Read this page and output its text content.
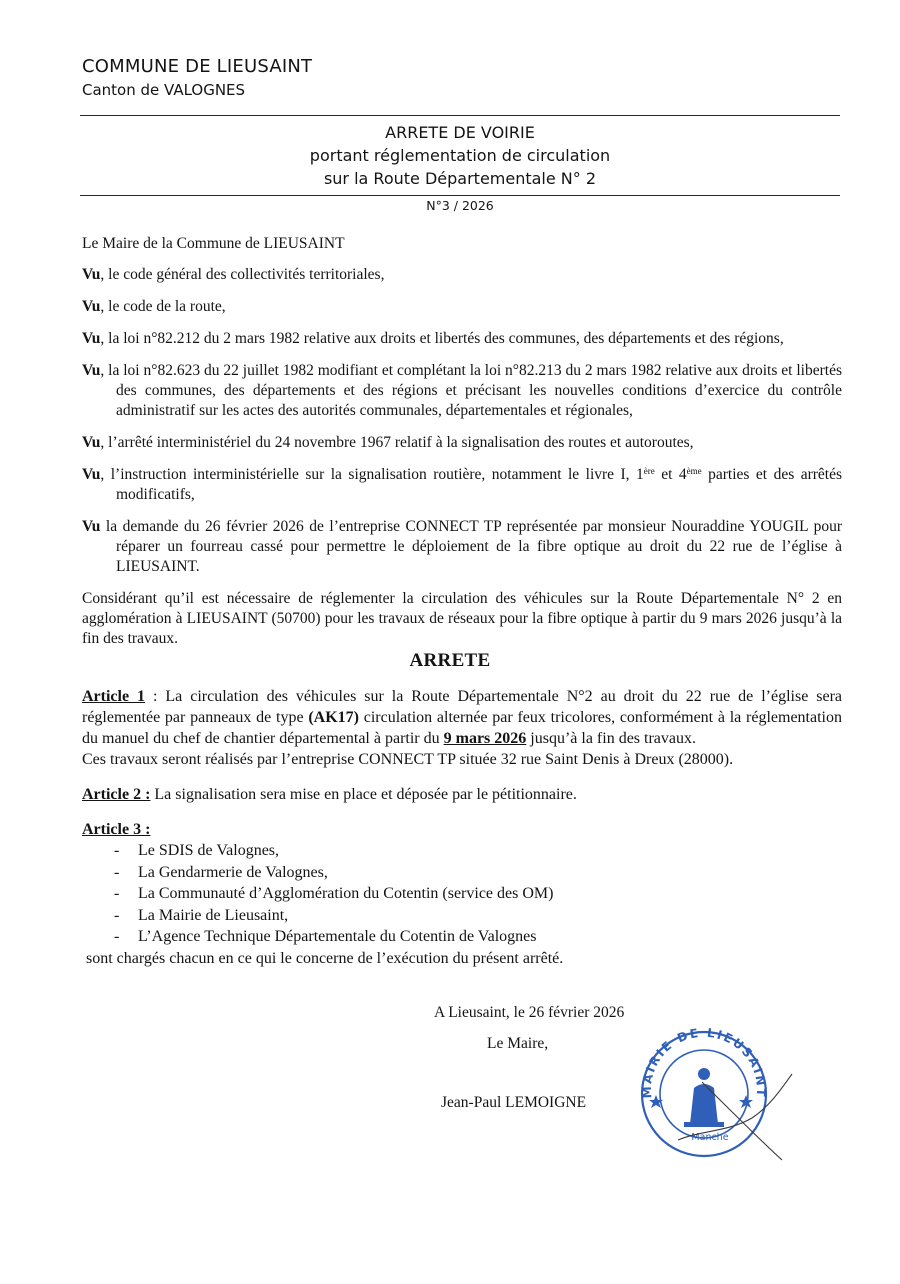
COMMUNE DE LIEUSAINT
Canton de VALOGNES
ARRETE DE VOIRIE
portant réglementation de circulation
sur la Route Départementale N° 2
N°3 / 2026
Le Maire de la Commune de LIEUSAINT

Vu, le code général des collectivités territoriales,

Vu, le code de la route,

Vu, la loi n°82.212 du 2 mars 1982 relative aux droits et libertés des communes, des départements et des régions,

Vu, la loi n°82.623 du 22 juillet 1982 modifiant et complétant la loi n°82.213 du 2 mars 1982 relative aux droits et libertés des communes, des départements et des régions et précisant les nouvelles conditions d’exercice du contrôle administratif sur les actes des autorités communales, départementales et régionales,

Vu, l’arrêté interministériel du 24 novembre 1967 relatif à la signalisation des routes et autoroutes,

Vu, l’instruction interministérielle sur la signalisation routière, notamment le livre I, 1ère et 4ème parties et des arrêtés modificatifs,

Vu la demande du 26 février 2026 de l’entreprise CONNECT TP représentée par monsieur Nouraddine YOUGIL pour réparer un fourreau cassé pour permettre le déploiement de la fibre optique au droit du 22 rue de l’église à LIEUSAINT.

Considérant qu’il est nécessaire de réglementer la circulation des véhicules sur la Route Départementale N° 2 en agglomération à LIEUSAINT (50700) pour les travaux de réseaux pour la fibre optique à partir du 9 mars 2026 jusqu’à la fin des travaux.

ARRETE

Article 1 : La circulation des véhicules sur la Route Départementale N°2 au droit du 22 rue de l’église sera réglementée par panneaux de type (AK17) circulation alternée par feux tricolores, conformément à la réglementation du manuel du chef de chantier départemental à partir du 9 mars 2026 jusqu’à la fin des travaux.

Ces travaux seront réalisés par l’entreprise CONNECT TP située 32 rue Saint Denis à Dreux (28000).

Article 2 : La signalisation sera mise en place et déposée par le pétitionnaire.

Article 3 :

- Le SDIS de Valognes,
- La Gendarmerie de Valognes,
- La Communauté d’Agglomération du Cotentin (service des OM)
- La Mairie de Lieusaint,
- L’Agence Technique Départementale du Cotentin de Valognes

sont chargés chacun en ce qui le concerne de l’exécution du présent arrêté.

A Lieusaint, le 26 février 2026
Le Maire,
Jean-Paul LEMOIGNE
MAIRIE DE LIEUSAINT
Manche
